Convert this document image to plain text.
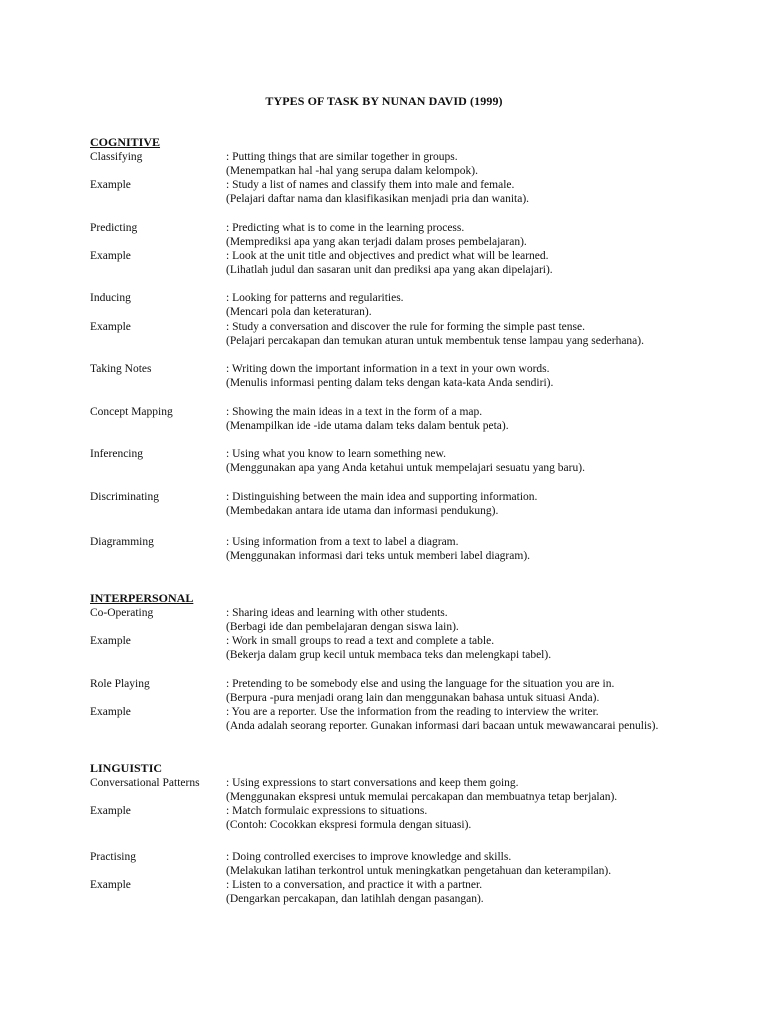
TYPES OF TASK BY NUNAN DAVID (1999)
COGNITIVE
Classifying	: Putting things that are similar together in groups.
(Menempatkan hal -hal yang serupa dalam kelompok).
Example	: Study a list of names and classify them into male and female.
(Pelajari daftar nama dan klasifikasikan menjadi pria dan wanita).
Predicting	: Predicting what is to come in the learning process.
(Memprediksi apa yang akan terjadi dalam proses pembelajaran).
Example	: Look at the unit title and objectives and predict what will be learned.
(Lihatlah judul dan sasaran unit dan prediksi apa yang akan dipelajari).
Inducing	: Looking for patterns and regularities.
(Mencari pola dan keteraturan).
Example	: Study a conversation and discover the rule for forming the simple past tense.
(Pelajari percakapan dan temukan aturan untuk membentuk tense lampau yang sederhana).
Taking Notes	: Writing down the important information in a text in your own words.
(Menulis informasi penting dalam teks dengan kata-kata Anda sendiri).
Concept Mapping	: Showing the main ideas in a text in the form of a map.
(Menampilkan ide -ide utama dalam teks dalam bentuk peta).
Inferencing	: Using what you know to learn something new.
(Menggunakan apa yang Anda ketahui untuk mempelajari sesuatu yang baru).
Discriminating	: Distinguishing between the main idea and supporting information.
(Membedakan antara ide utama dan informasi pendukung).
Diagramming	: Using information from a text to label a diagram.
(Menggunakan informasi dari teks untuk memberi label diagram).
INTERPERSONAL
Co-Operating	: Sharing ideas and learning with other students.
(Berbagi ide dan pembelajaran dengan siswa lain).
Example	: Work in small groups to read a text and complete a table.
(Bekerja dalam grup kecil untuk membaca teks dan melengkapi tabel).
Role Playing	: Pretending to be somebody else and using the language for the situation you are in.
(Berpura -pura menjadi orang lain dan menggunakan bahasa untuk situasi Anda).
Example	: You are a reporter. Use the information from the reading to interview the writer.
(Anda adalah seorang reporter. Gunakan informasi dari bacaan untuk mewawancarai penulis).
LINGUISTIC
Conversational Patterns : Using expressions to start conversations and keep them going.
(Menggunakan ekspresi untuk memulai percakapan dan membuatnya tetap berjalan).
Example	: Match formulaic expressions to situations.
(Contoh: Cocokkan ekspresi formula dengan situasi).
Practising	: Doing controlled exercises to improve knowledge and skills.
(Melakukan latihan terkontrol untuk meningkatkan pengetahuan dan keterampilan).
Example	: Listen to a conversation, and practice it with a partner.
(Dengarkan percakapan, dan latihlah dengan pasangan).
